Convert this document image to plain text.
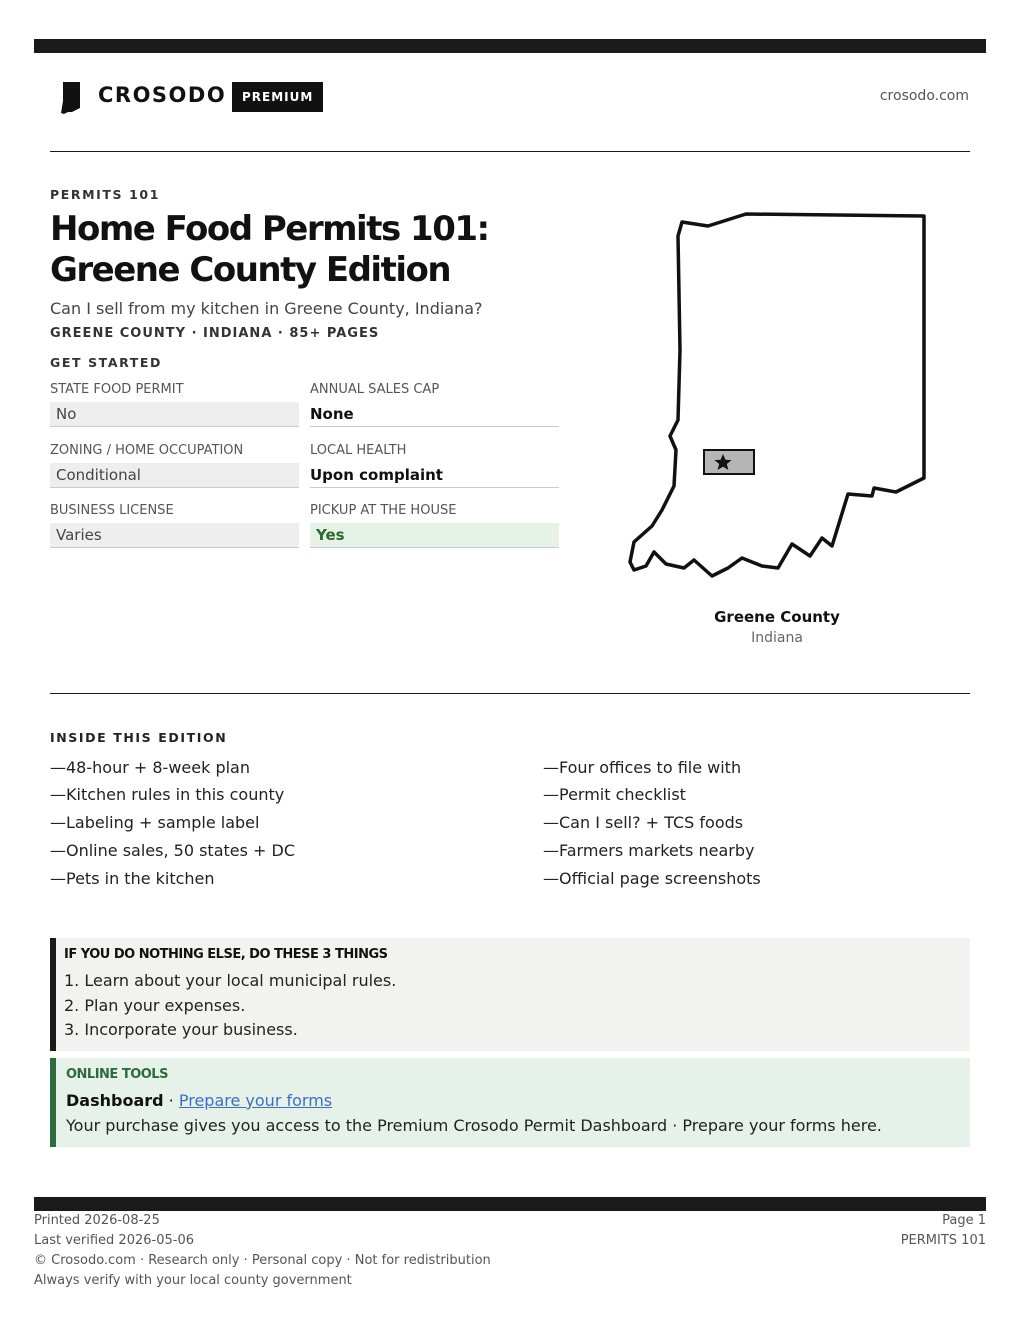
CROSODO	PREMIUM	crosodo.com
PERMITS 101
Home Food Permits 101: Greene County Edition
Can I sell from my kitchen in Greene County, Indiana?
GREENE COUNTY · INDIANA · 85+ PAGES
GET STARTED
STATE FOOD PERMIT
No
ANNUAL SALES CAP
None
ZONING / HOME OCCUPATION
Conditional
LOCAL HEALTH
Upon complaint
BUSINESS LICENSE
Varies
PICKUP AT THE HOUSE
Yes
Greene County
Indiana
INSIDE THIS EDITION
—48-hour + 8-week plan
—Kitchen rules in this county
—Labeling + sample label
—Online sales, 50 states + DC
—Pets in the kitchen
—Four offices to file with
—Permit checklist
—Can I sell? + TCS foods
—Farmers markets nearby
—Official page screenshots
IF YOU DO NOTHING ELSE, DO THESE 3 THINGS
1. Learn about your local municipal rules.
2. Plan your expenses.
3. Incorporate your business.
ONLINE TOOLS
Dashboard · Prepare your forms
Your purchase gives you access to the Premium Crosodo Permit Dashboard · Prepare your forms here.
Printed 2026-08-25
Last verified 2026-05-06
© Crosodo.com · Research only · Personal copy · Not for redistribution
Always verify with your local county government
Page 1
PERMITS 101
